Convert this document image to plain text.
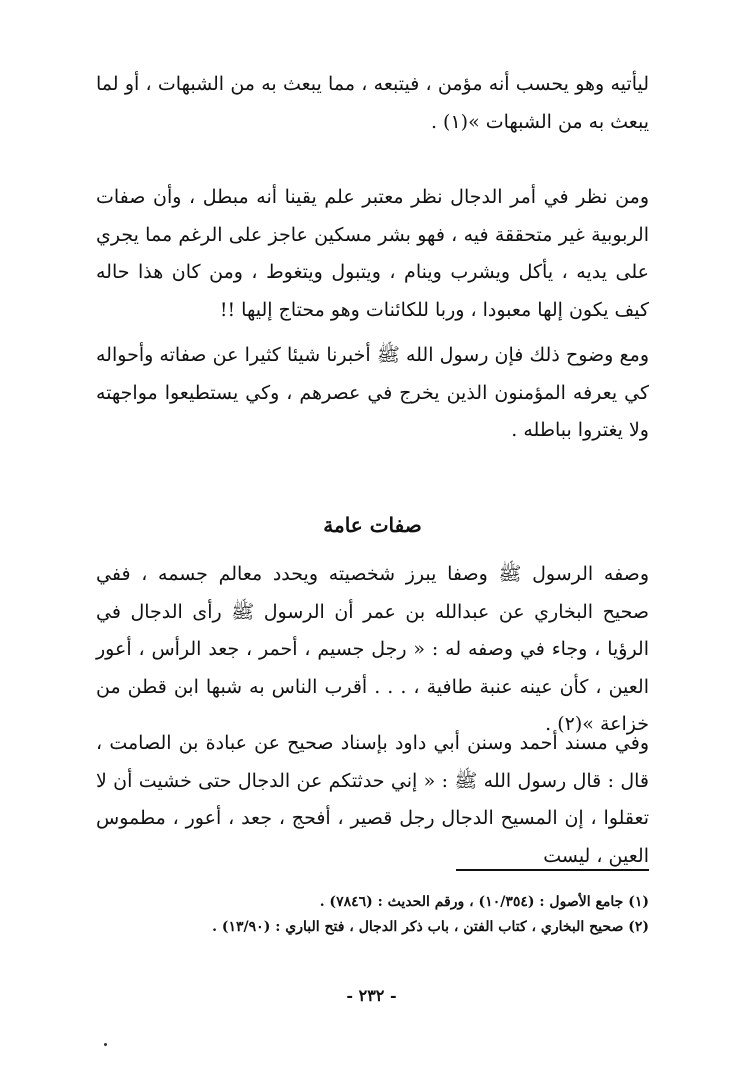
ليأتيه وهو يحسب أنه مؤمن ، فيتبعه ، مما يبعث به من الشبهات ، أو لما يبعث به من الشبهات »(١) .

ومن نظر في أمر الدجال نظر معتبر علم يقينا أنه مبطل ، وأن صفات الربوبية غير متحققة فيه ، فهو بشر مسكين عاجز على الرغم مما يجري على يديه ، يأكل ويشرب وينام ، ويتبول ويتغوط ، ومن كان هذا حاله كيف يكون إلها معبودا ، وربا للكائنات وهو محتاج إليها !!

ومع وضوح ذلك فإن رسول الله ﷺ أخبرنا شيئا كثيرا عن صفاته وأحواله كي يعرفه المؤمنون الذين يخرج في عصرهم ، وكي يستطيعوا مواجهته ولا يغتروا بباطله .

صفات عامة

وصفه الرسول ﷺ وصفا يبرز شخصيته ويحدد معالم جسمه ، ففي صحيح البخاري عن عبدالله بن عمر أن الرسول ﷺ رأى الدجال في الرؤيا ، وجاء في وصفه له : « رجل جسيم ، أحمر ، جعد الرأس ، أعور العين ، كأن عينه عنبة طافية ، . . . أقرب الناس به شبها ابن قطن من خزاعة »(٢) .

وفي مسند أحمد وسنن أبي داود بإسناد صحيح عن عبادة بن الصامت ، قال : قال رسول الله ﷺ : « إني حدثتكم عن الدجال حتى خشيت أن لا تعقلوا ، إن المسيح الدجال رجل قصير ، أفحج ، جعد ، أعور ، مطموس العين ، ليست

(١) جامع الأصول : (١٠/٣٥٤) ، ورقم الحديث : (٧٨٤٦) .

(٢) صحيح البخاري ، كتاب الفتن ، باب ذكر الدجال ، فتح الباري : (١٣/٩٠) .

- ٢٣٢ -
